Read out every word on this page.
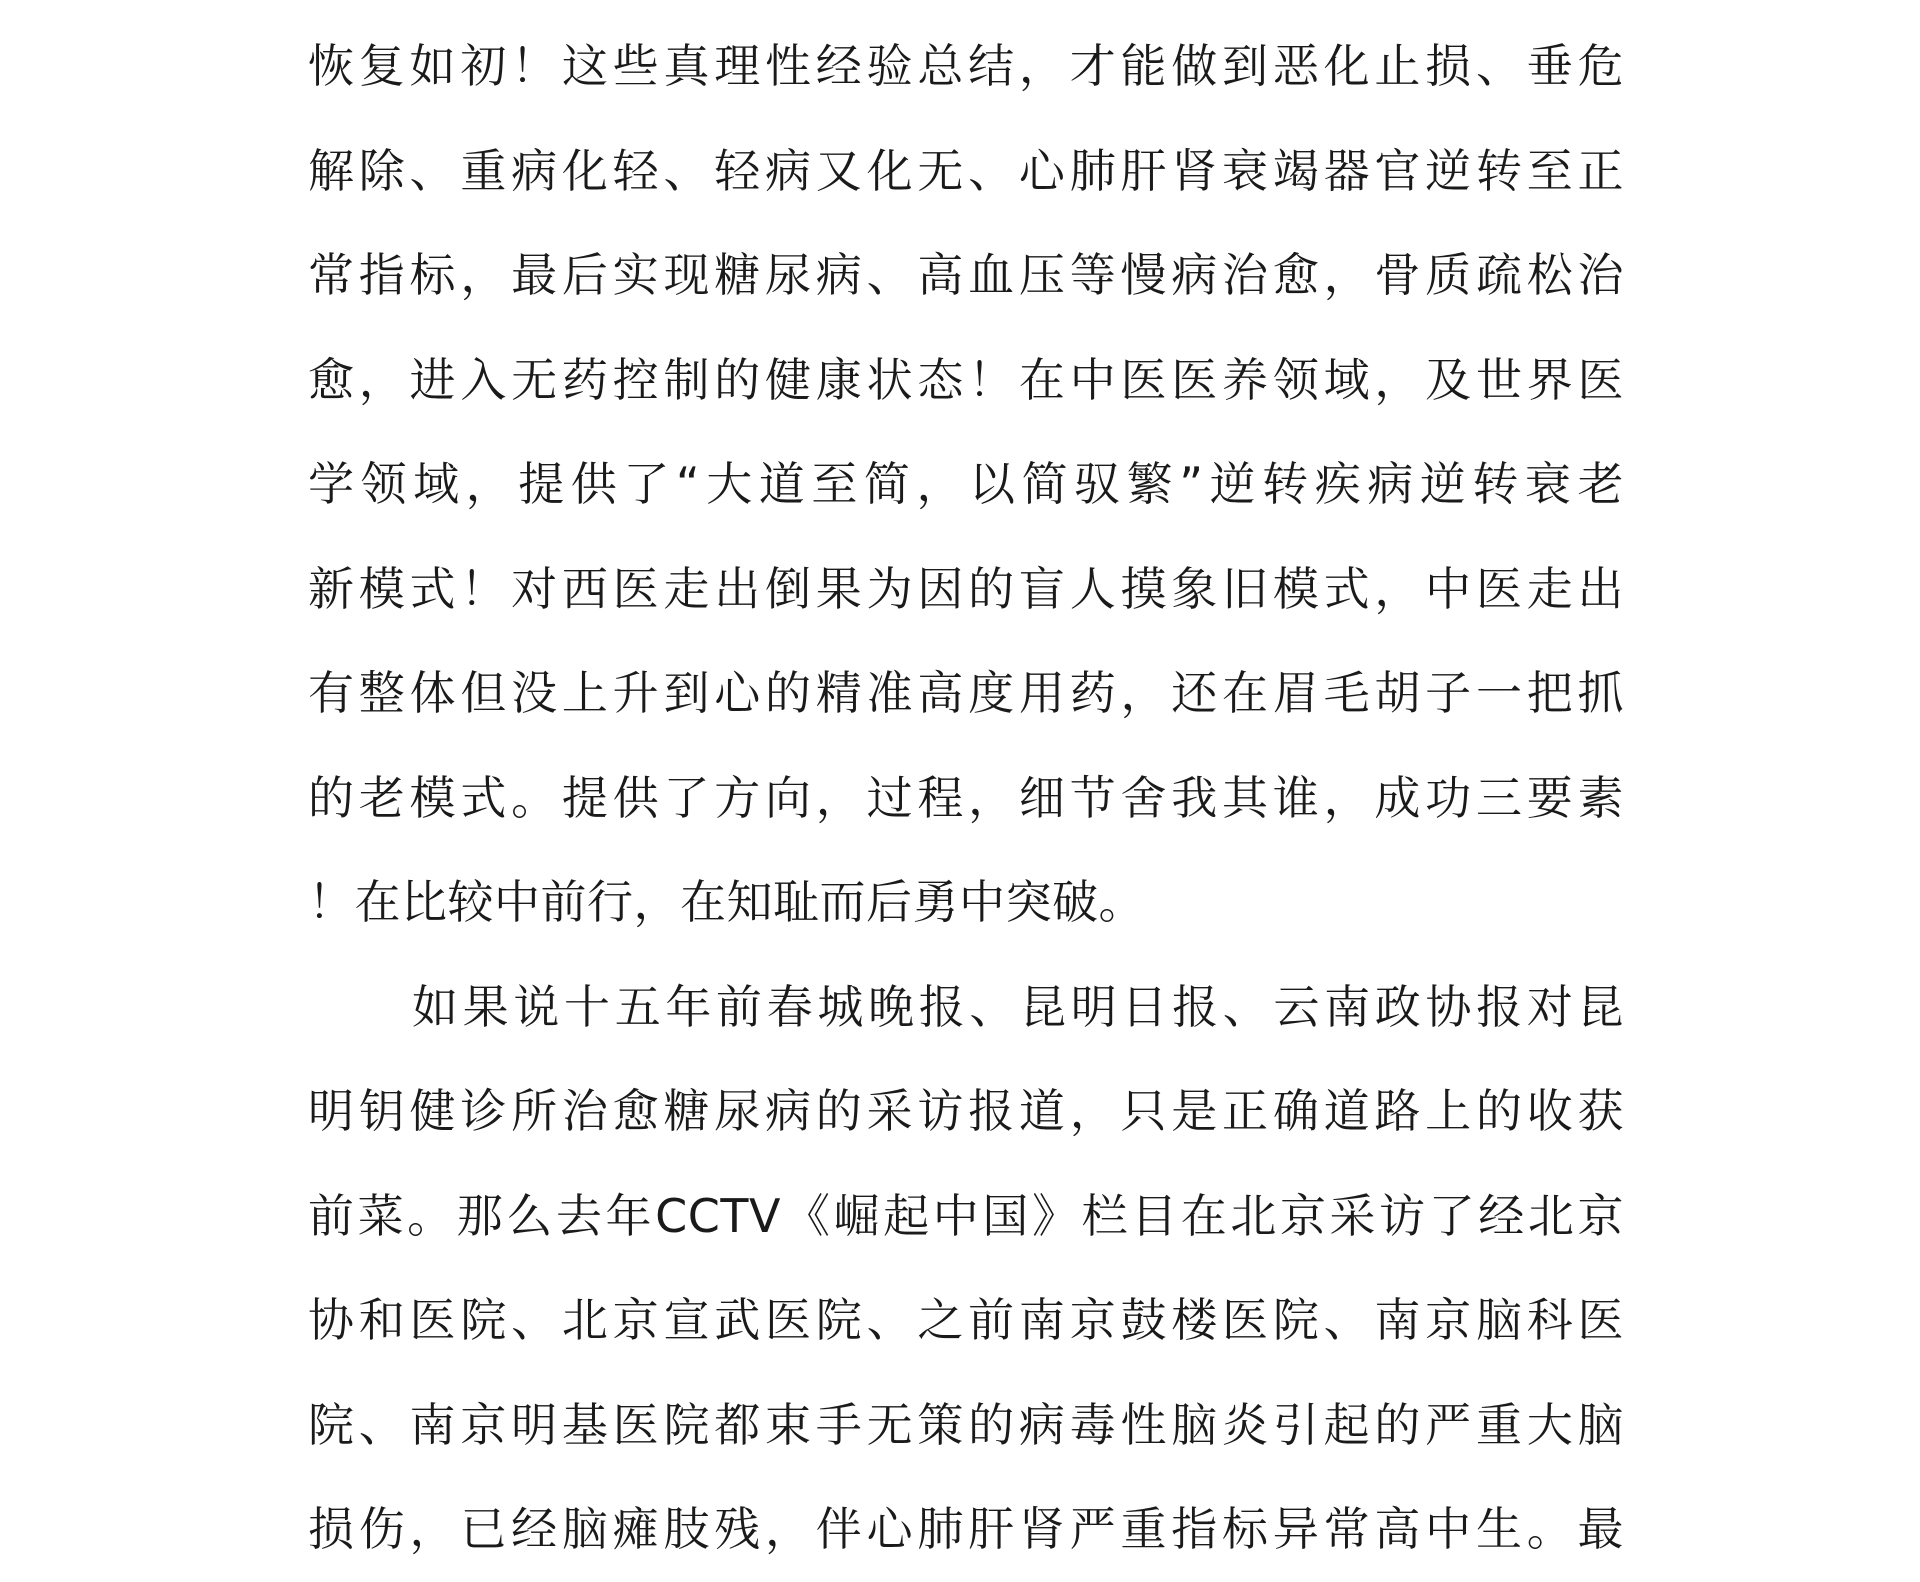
恢复如初！这些真理性经验总结，才能做到恶化止损、垂危
解除、重病化轻、轻病又化无、心肺肝肾衰竭器官逆转至正
常指标，最后实现糖尿病、高血压等慢病治愈，骨质疏松治
愈，进入无药控制的健康状态！在中医医养领域，及世界医
学领域，提供了“大道至简，以简驭繁”逆转疾病逆转衰老
新模式！对西医走出倒果为因的盲人摸象旧模式，中医走出
有整体但没上升到心的精准高度用药，还在眉毛胡子一把抓
的老模式。提供了方向，过程，细节舍我其谁，成功三要素
！在比较中前行，在知耻而后勇中突破。
如果说十五年前春城晚报、昆明日报、云南政协报对昆
明钥健诊所治愈糖尿病的采访报道，只是正确道路上的收获
前菜。那么去年CCTV《崛起中国》栏目在北京采访了经北京
协和医院、北京宣武医院、之前南京鼓楼医院、南京脑科医
院、南京明基医院都束手无策的病毒性脑炎引起的严重大脑
损伤，已经脑瘫肢残，伴心肺肝肾严重指标异常高中生。最
